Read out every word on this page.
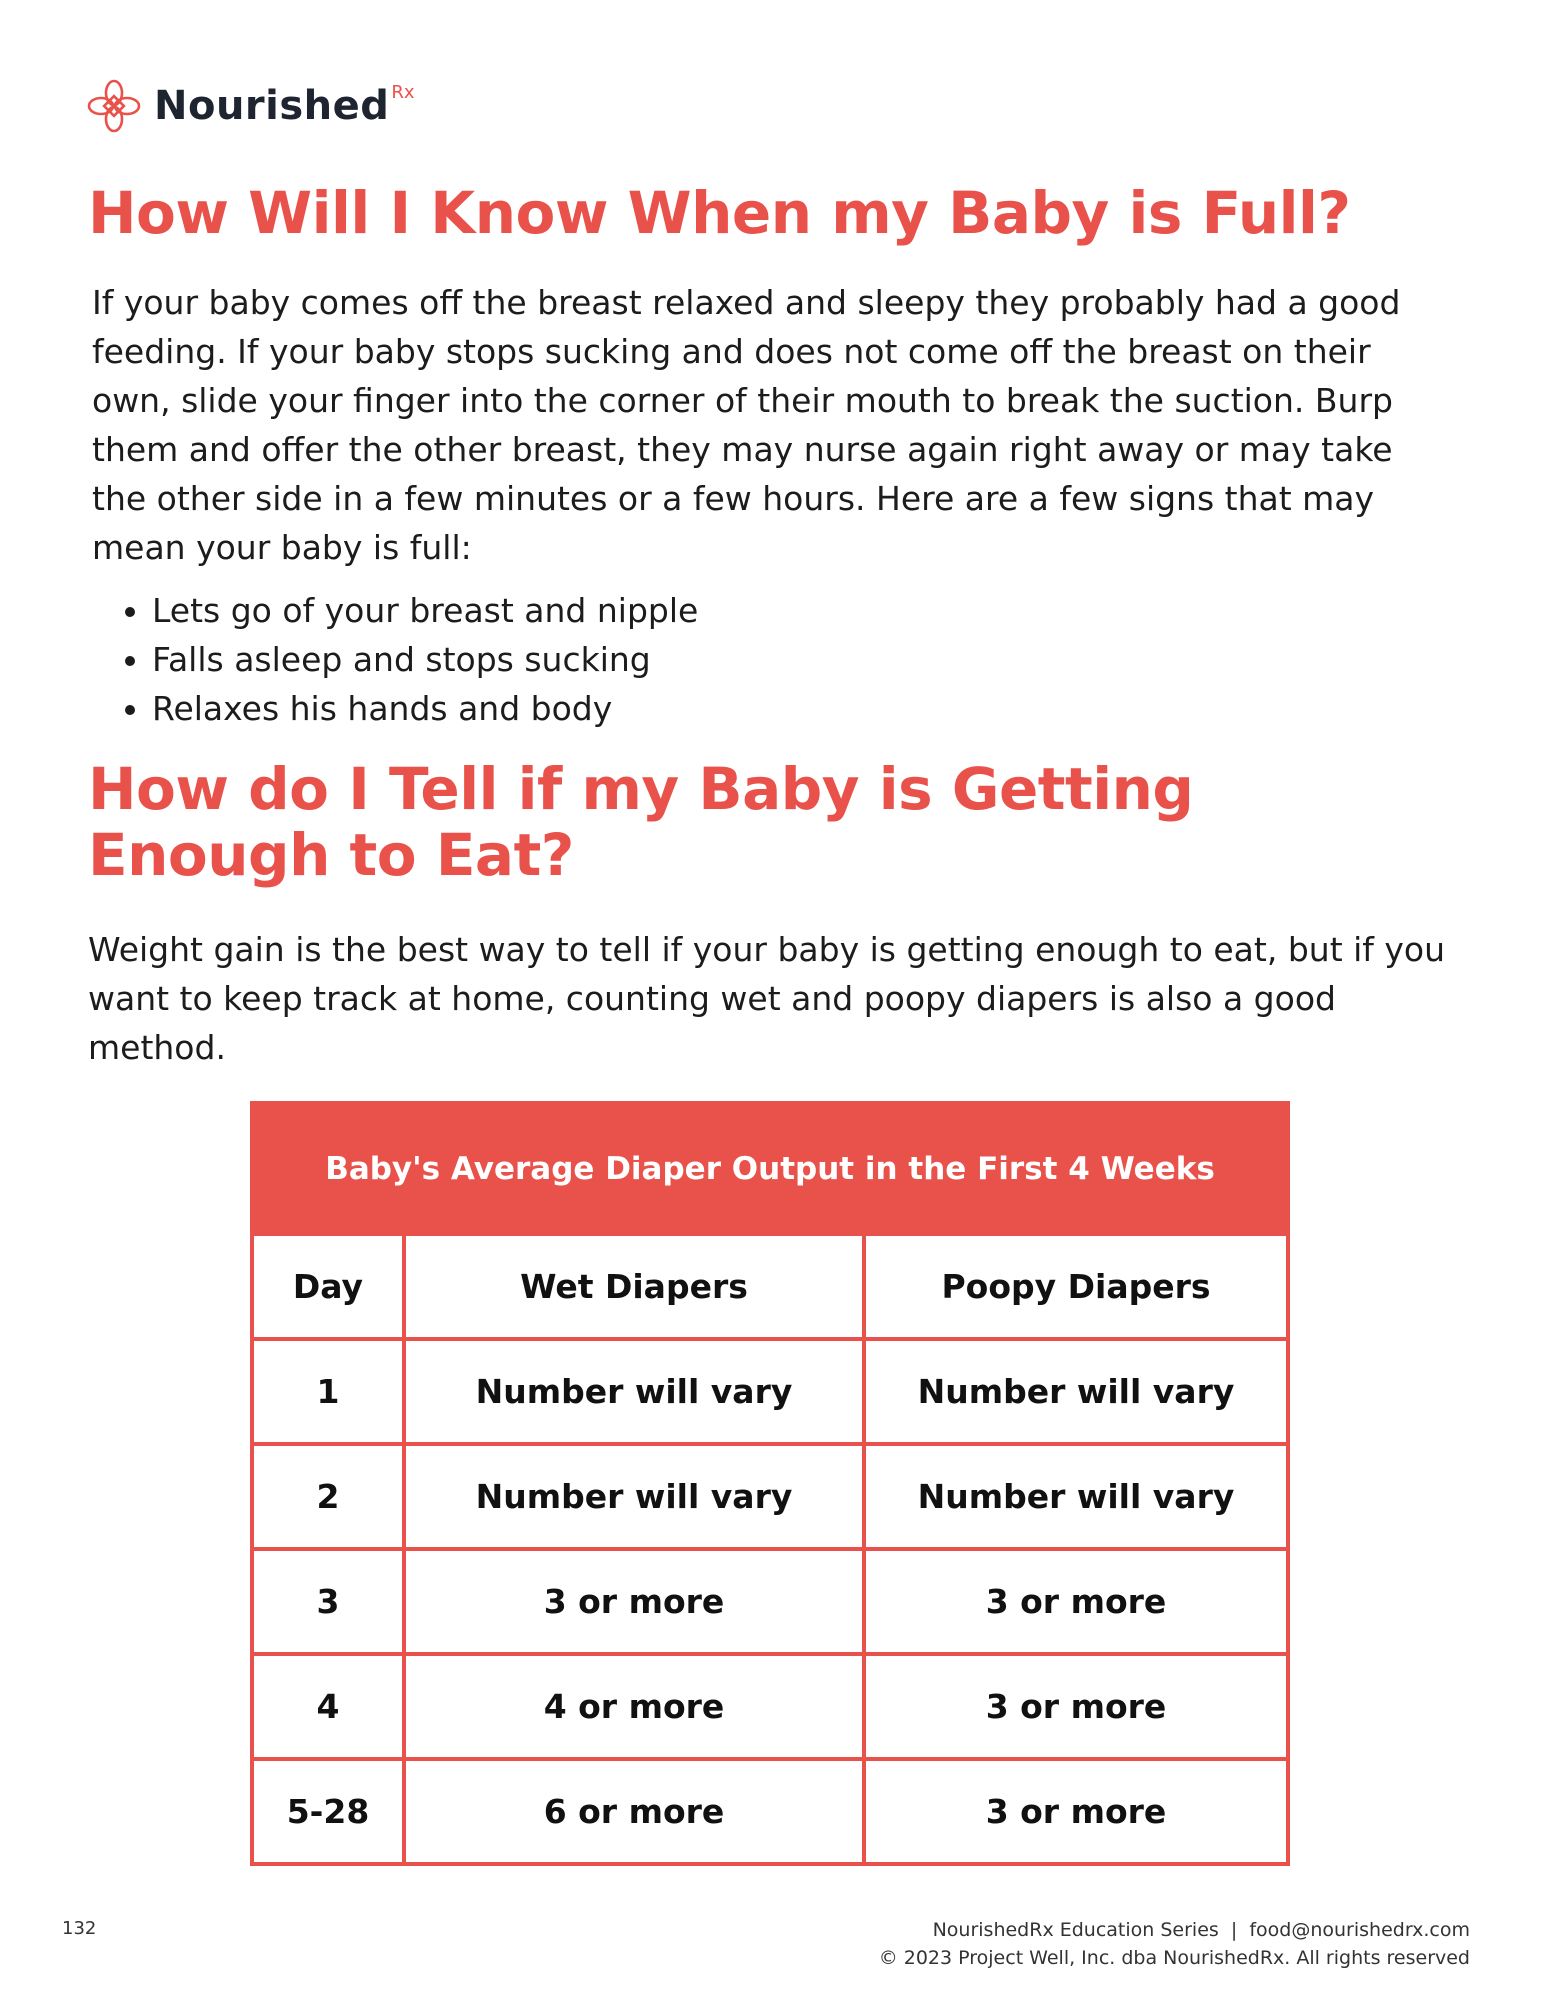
Nourished Rx
How Will I Know When my Baby is Full?

If your baby comes off the breast relaxed and sleepy they probably had a good feeding. If your baby stops sucking and does not come off the breast on their own, slide your finger into the corner of their mouth to break the suction. Burp them and offer the other breast, they may nurse again right away or may take the other side in a few minutes or a few hours. Here are a few signs that may mean your baby is full:

• Lets go of your breast and nipple
• Falls asleep and stops sucking
• Relaxes his hands and body
How do I Tell if my Baby is Getting Enough to Eat?

Weight gain is the best way to tell if your baby is getting enough to eat, but if you want to keep track at home, counting wet and poopy diapers is also a good method.

Baby's Average Diaper Output in the First 4 Weeks		
Day	Wet Diapers	Poopy Diapers
1	Number will vary	Number will vary
2	Number will vary	Number will vary
3	3 or more	3 or more
4	4 or more	3 or more
5-28	6 or more	3 or more
132	NourishedRx Education Series  |  food@nourishedrx.com
© 2023 Project Well, Inc. dba NourishedRx. All rights reserved
